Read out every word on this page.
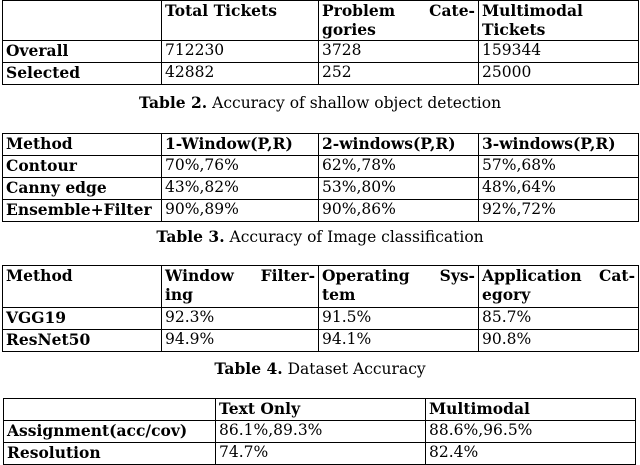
	Total Tickets	Problem Cate-gories	Multimodal Tickets
Overall	712230	3728	159344
Selected	42882	252	25000
Table 2. Accuracy of shallow object detection
Method	1-Window(P,R)	2-windows(P,R)	3-windows(P,R)
Contour	70%,76%	62%,78%	57%,68%
Canny edge	43%,82%	53%,80%	48%,64%
Ensemble+Filter	90%,89%	90%,86%	92%,72%
Table 3. Accuracy of Image classification
Method	Window Filter-ing	Operating Sys-tem	Application Cat-egory
VGG19	92.3%	91.5%	85.7%
ResNet50	94.9%	94.1%	90.8%
Table 4. Dataset Accuracy
	Text Only	Multimodal
Assignment(acc/cov)	86.1%,89.3%	88.6%,96.5%
Resolution	74.7%	82.4%
